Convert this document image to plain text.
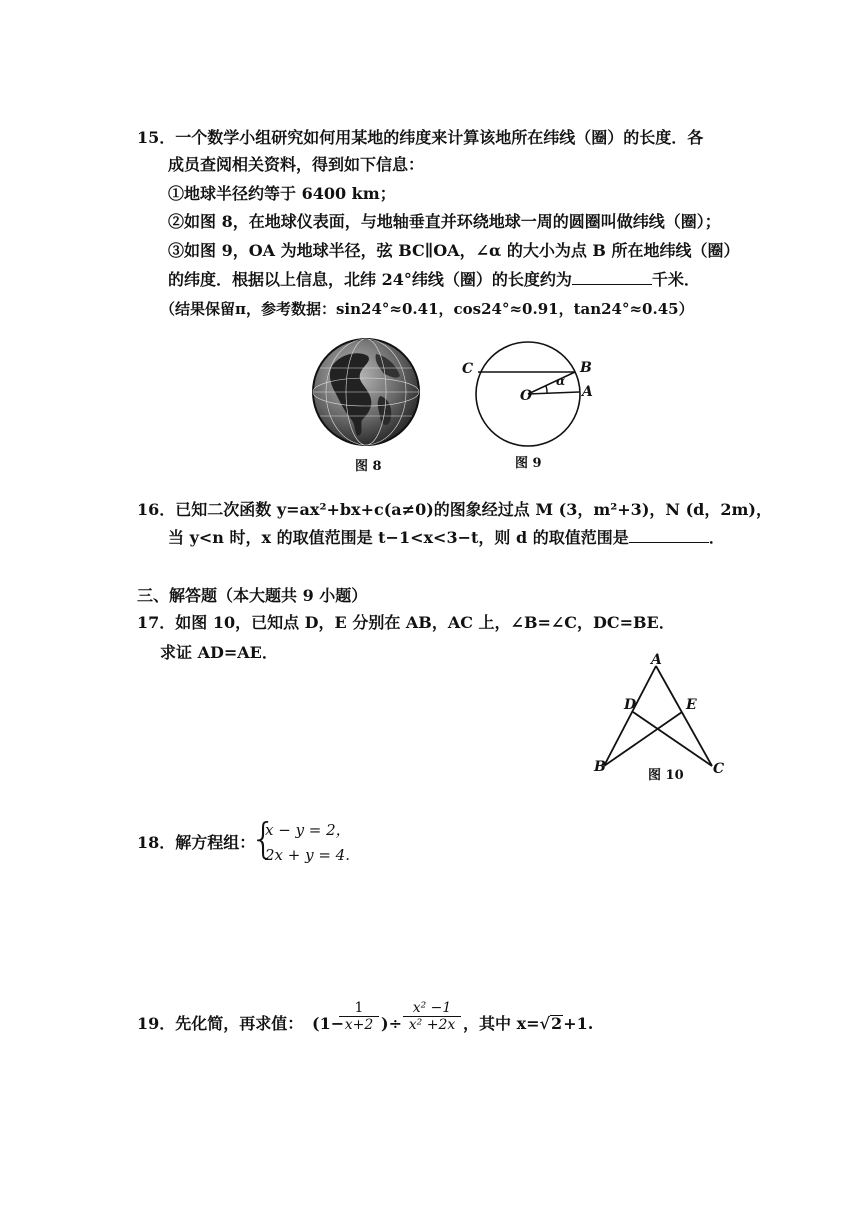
15．一个数学小组研究如何用某地的纬度来计算该地所在纬线（圈）的长度．各
成员查阅相关资料，得到如下信息：
①地球半径约等于 6400 km；
②如图 8，在地球仪表面，与地轴垂直并环绕地球一周的圆圈叫做纬线（圈）；
③如图 9，OA 为地球半径，弦 BC∥OA，∠α 的大小为点 B 所在地纬线（圈）
的纬度．根据以上信息，北纬 24°纬线（圈）的长度约为	千米．
（结果保留π，参考数据：sin24°≈0.41，cos24°≈0.91，tan24°≈0.45）
图 8
C	B
α
O	A
图 9
16．已知二次函数 y=ax²+bx+c(a≠0)的图象经过点 M (3，m²+3)，N (d，2m)，
当 y<n 时，x 的取值范围是 t−1<x<3−t，则 d 的取值范围是	．
三、解答题（本大题共 9 小题）
17．如图 10，已知点 D，E 分别在 AB，AC 上，∠B=∠C，DC=BE．
求证 AD=AE．	A
D	E
B	C
图 10
18．解方程组：
{
x − y = 2，
2x + y = 4.
19．先化简，再求值： (1−
$\frac{1}{x+2}$ )÷ $\frac{\text{x² −1}}{\text{x² +2x}}$ ，其中 x=√2+1.
